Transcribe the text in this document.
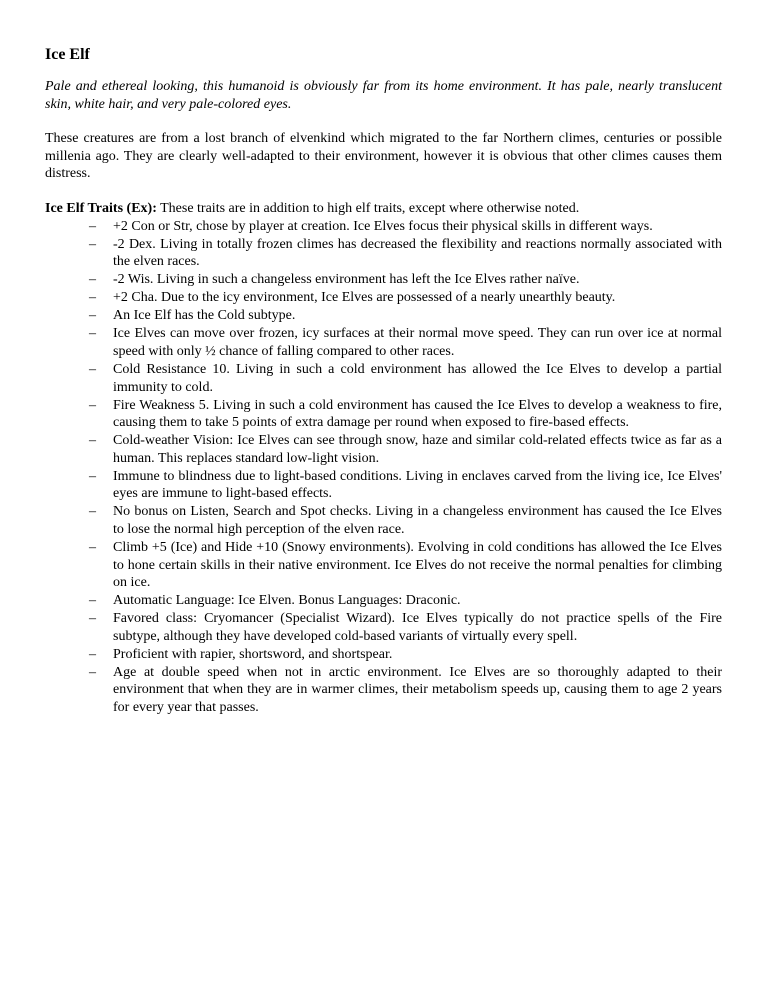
Ice Elf

Pale and ethereal looking, this humanoid is obviously far from its home environment. It has pale, nearly translucent skin, white hair, and very pale-colored eyes.

These creatures are from a lost branch of elvenkind which migrated to the far Northern climes, centuries or possible millenia ago. They are clearly well-adapted to their environment, however it is obvious that other climes causes them distress.

Ice Elf Traits (Ex): These traits are in addition to high elf traits, except where otherwise noted.

– +2 Con or Str, chose by player at creation. Ice Elves focus their physical skills in different ways.
– -2 Dex. Living in totally frozen climes has decreased the flexibility and reactions normally associated with the elven races.
– -2 Wis. Living in such a changeless environment has left the Ice Elves rather naïve.
– +2 Cha. Due to the icy environment, Ice Elves are possessed of a nearly unearthly beauty.
– An Ice Elf has the Cold subtype.
– Ice Elves can move over frozen, icy surfaces at their normal move speed. They can run over ice at normal speed with only ½ chance of falling compared to other races.
– Cold Resistance 10. Living in such a cold environment has allowed the Ice Elves to develop a partial immunity to cold.
– Fire Weakness 5. Living in such a cold environment has caused the Ice Elves to develop a weakness to fire, causing them to take 5 points of extra damage per round when exposed to fire-based effects.
– Cold-weather Vision: Ice Elves can see through snow, haze and similar cold-related effects twice as far as a human. This replaces standard low-light vision.
– Immune to blindness due to light-based conditions. Living in enclaves carved from the living ice, Ice Elves' eyes are immune to light-based effects.
– No bonus on Listen, Search and Spot checks. Living in a changeless environment has caused the Ice Elves to lose the normal high perception of the elven race.
– Climb +5 (Ice) and Hide +10 (Snowy environments). Evolving in cold conditions has allowed the Ice Elves to hone certain skills in their native environment. Ice Elves do not receive the normal penalties for climbing on ice.
– Automatic Language: Ice Elven. Bonus Languages: Draconic.
– Favored class: Cryomancer (Specialist Wizard). Ice Elves typically do not practice spells of the Fire subtype, although they have developed cold-based variants of virtually every spell.
– Proficient with rapier, shortsword, and shortspear.
– Age at double speed when not in arctic environment. Ice Elves are so thoroughly adapted to their environment that when they are in warmer climes, their metabolism speeds up, causing them to age 2 years for every year that passes.
